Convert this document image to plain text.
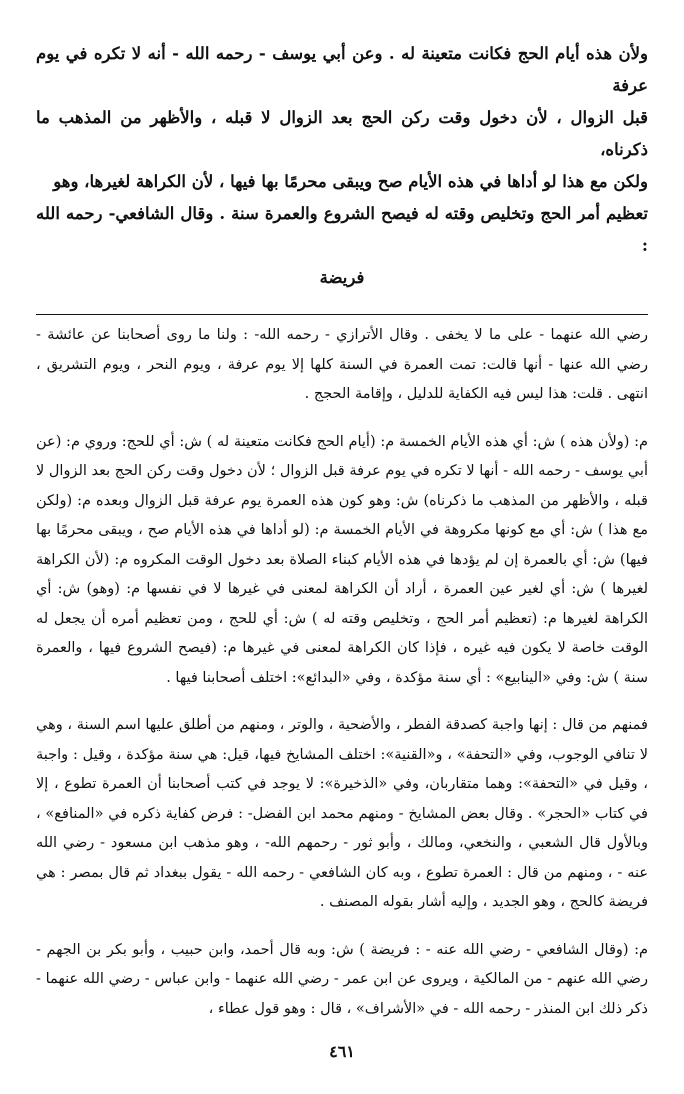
ولأن هذه أيام الحج فكانت متعينة له . وعن أبي يوسف - رحمه الله - أنه لا تكره في يوم عرفة

قبل الزوال ، لأن دخول وقت ركن الحج بعد الزوال لا قبله ، والأظهر من المذهب ما ذكرناه،

ولكن مع هذا لو أداها في هذه الأيام صح ويبقى محرمًا بها فيها ، لأن الكراهة لغيرها، وهو

تعظيم أمر الحج وتخليص وقته له فيصح الشروع والعمرة سنة . وقال الشافعي- رحمه الله :

فريضة

رضي الله عنهما - على ما لا يخفى . وقال الأترازي - رحمه الله- : ولنا ما روى أصحابنا عن عائشة - رضي الله عنها - أنها قالت: تمت العمرة في السنة كلها إلا يوم عرفة ، ويوم النحر ، ويوم التشريق ، انتهى . قلت: هذا ليس فيه الكفاية للدليل ، وإقامة الحجج .

م: (ولأن هذه ) ش: أي هذه الأيام الخمسة م: (أيام الحج فكانت متعينة له ) ش: أي للحج: وروي م: (عن أبي يوسف - رحمه الله - أنها لا تكره في يوم عرفة قبل الزوال ؛ لأن دخول وقت ركن الحج بعد الزوال لا قبله ، والأظهر من المذهب ما ذكرناه) ش: وهو كون هذه العمرة يوم عرفة قبل الزوال وبعده م: (ولكن مع هذا ) ش: أي مع كونها مكروهة في الأيام الخمسة م: (لو أداها في هذه الأيام صح ، ويبقى محرمًا بها فيها) ش: أي بالعمرة إن لم يؤدها في هذه الأيام كبناء الصلاة بعد دخول الوقت المكروه م: (لأن الكراهة لغيرها ) ش: أي لغير عين العمرة ، أراد أن الكراهة لمعنى في غيرها لا في نفسها م: (وهو) ش: أي الكراهة لغيرها م: (تعظيم أمر الحج ، وتخليص وقته له ) ش: أي للحج ، ومن تعظيم أمره أن يجعل له الوقت خاصة لا يكون فيه غيره ، فإذا كان الكراهة لمعنى في غيرها م: (فيصح الشروع فيها ، والعمرة سنة ) ش: وفي «الينابيع» : أي سنة مؤكدة ، وفي «البدائع»: اختلف أصحابنا فيها .

فمنهم من قال : إنها واجبة كصدقة الفطر ، والأضحية ، والوتر ، ومنهم من أطلق عليها اسم السنة ، وهي لا تنافي الوجوب، وفي «التحفة» ، و«القنية»: اختلف المشايخ فيها، قيل: هي سنة مؤكدة ، وقيل : واجبة ، وقيل في «التحفة»: وهما متقاربان، وفي «الذخيرة»: لا يوجد في كتب أصحابنا أن العمرة تطوع ، إلا في كتاب «الحجر» . وقال بعض المشايخ - ومنهم محمد ابن الفضل- : فرض كفاية ذكره في «المنافع» ، وبالأول قال الشعبي ، والنخعي، ومالك ، وأبو ثور - رحمهم الله- ، وهو مذهب ابن مسعود - رضي الله عنه - ، ومنهم من قال : العمرة تطوع ، وبه كان الشافعي - رحمه الله - يقول ببغداد ثم قال بمصر : هي فريضة كالحج ، وهو الجديد ، وإليه أشار بقوله المصنف .

م: (وقال الشافعي - رضي الله عنه - : فريضة ) ش: وبه قال أحمد، وابن حبيب ، وأبو بكر بن الجهم - رضي الله عنهم - من المالكية ، ويروى عن ابن عمر - رضي الله عنهما - وابن عباس - رضي الله عنهما - ذكر ذلك ابن المنذر - رحمه الله - في «الأشراف» ، قال : وهو قول عطاء ،

٤٦١
